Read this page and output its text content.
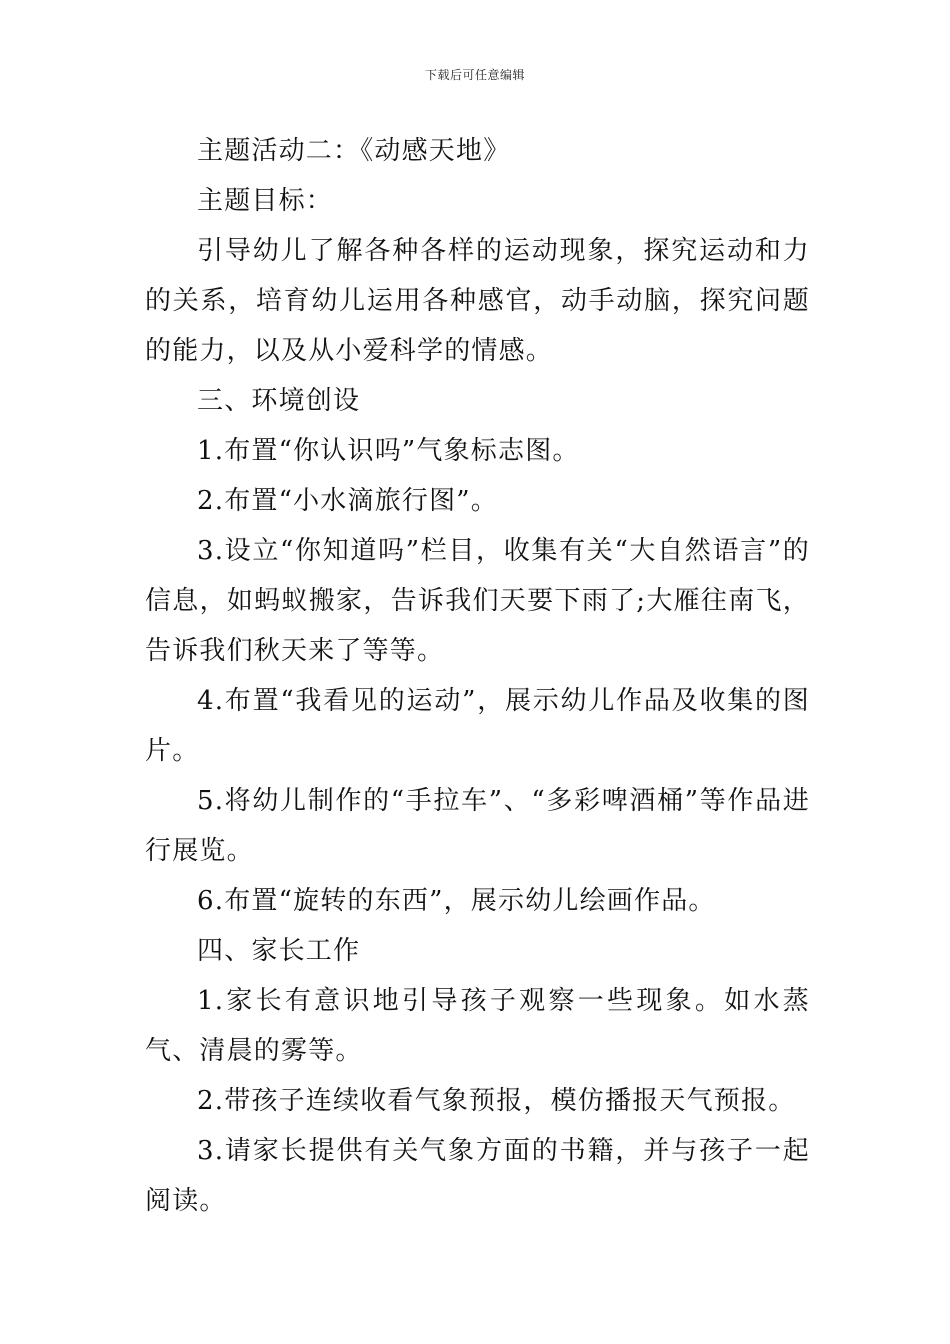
下载后可任意编辑

主题活动二：《动感天地》

主题目标：

引导幼儿了解各种各样的运动现象，探究运动和力的关系，培育幼儿运用各种感官，动手动脑，探究问题的能力，以及从小爱科学的情感。

三、环境创设

1.布置“你认识吗”气象标志图。

2.布置“小水滴旅行图”。

3.设立“你知道吗”栏目，收集有关“大自然语言”的信息，如蚂蚁搬家，告诉我们天要下雨了;大雁往南飞，告诉我们秋天来了等等。

4.布置“我看见的运动”，展示幼儿作品及收集的图片。

5.将幼儿制作的“手拉车”、“多彩啤酒桶”等作品进行展览。

6.布置“旋转的东西”，展示幼儿绘画作品。

四、家长工作

1.家长有意识地引导孩子观察一些现象。如水蒸气、清晨的雾等。

2.带孩子连续收看气象预报，模仿播报天气预报。

3.请家长提供有关气象方面的书籍，并与孩子一起阅读。
